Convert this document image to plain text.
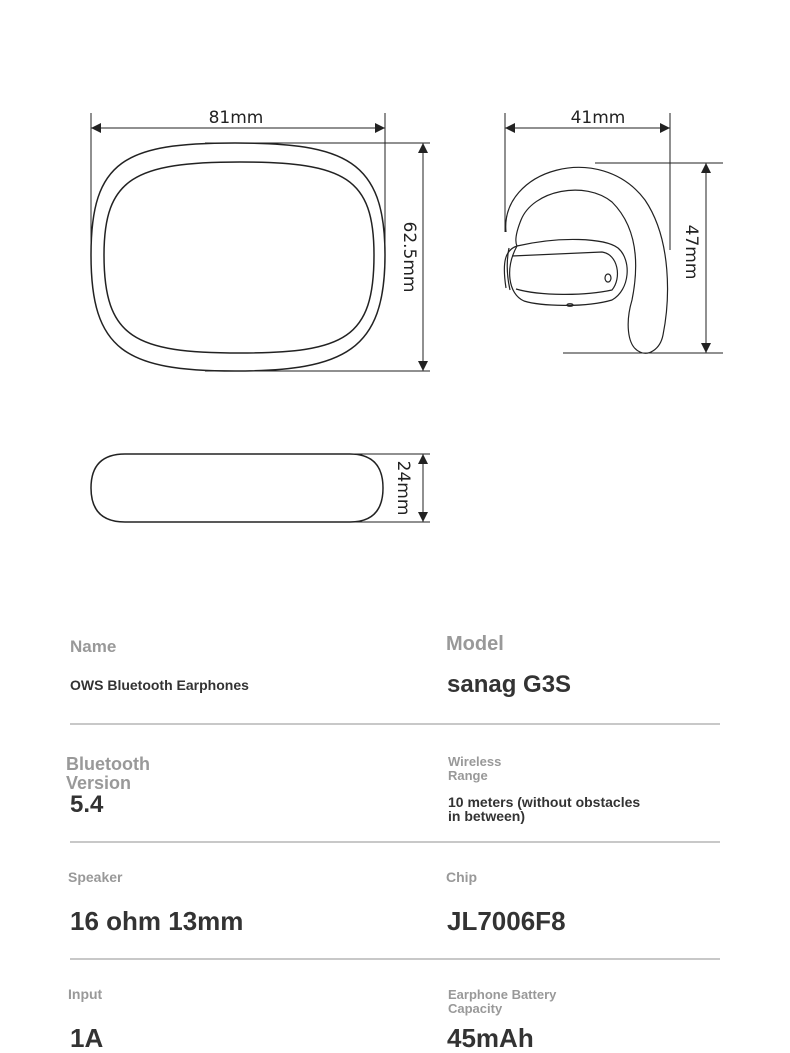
81mm
62.5mm
24mm
41mm
47mm
Name
OWS Bluetooth Earphones
Model
sanag G3S
Bluetooth
Version
5.4
Wireless
Range
10 meters (without obstacles
in between)
Speaker
16 ohm 13mm
Chip
JL7006F8
Input
1A
Earphone Battery
Capacity
45mAh
